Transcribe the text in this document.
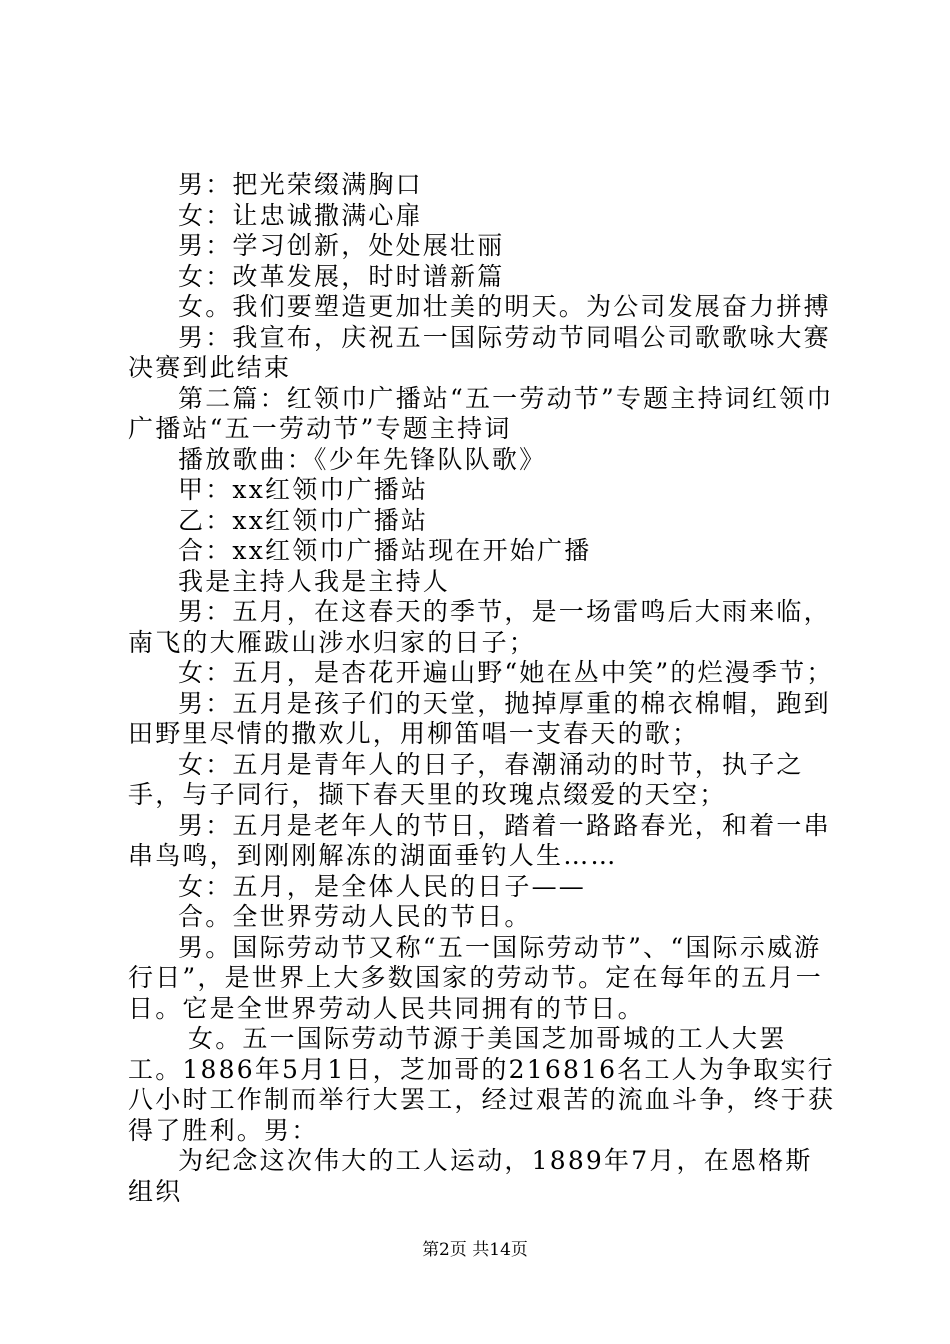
男：把光荣缀满胸口

女：让忠诚撒满心扉

男：学习创新，处处展壮丽

女：改革发展，时时谱新篇

女。我们要塑造更加壮美的明天。为公司发展奋力拼搏

男：我宣布，庆祝五一国际劳动节同唱公司歌歌咏大赛决赛到此结束

第二篇：红领巾广播站“五一劳动节”专题主持词红领巾广播站“五一劳动节”专题主持词

播放歌曲：《少年先锋队队歌》

甲：xx红领巾广播站

乙：xx红领巾广播站

合：xx红领巾广播站现在开始广播

我是主持人我是主持人

男：五月，在这春天的季节，是一场雷鸣后大雨来临，南飞的大雁跋山涉水归家的日子；

女：五月，是杏花开遍山野“她在丛中笑”的烂漫季节；

男：五月是孩子们的天堂，抛掉厚重的棉衣棉帽，跑到田野里尽情的撒欢儿，用柳笛唱一支春天的歌；

女：五月是青年人的日子，春潮涌动的时节，执子之手，与子同行，撷下春天里的玫瑰点缀爱的天空；

男：五月是老年人的节日，踏着一路路春光，和着一串串鸟鸣，到刚刚解冻的湖面垂钓人生……

女：五月，是全体人民的日子——

合。全世界劳动人民的节日。

男。国际劳动节又称“五一国际劳动节”、“国际示威游行日”，是世界上大多数国家的劳动节。定在每年的五月一日。它是全世界劳动人民共同拥有的节日。

女。五一国际劳动节源于美国芝加哥城的工人大罢工。1886年5月1日，芝加哥的216816名工人为争取实行八小时工作制而举行大罢工，经过艰苦的流血斗争，终于获得了胜利。男：

为纪念这次伟大的工人运动，1889年7月，在恩格斯组织

第2页 共14页
